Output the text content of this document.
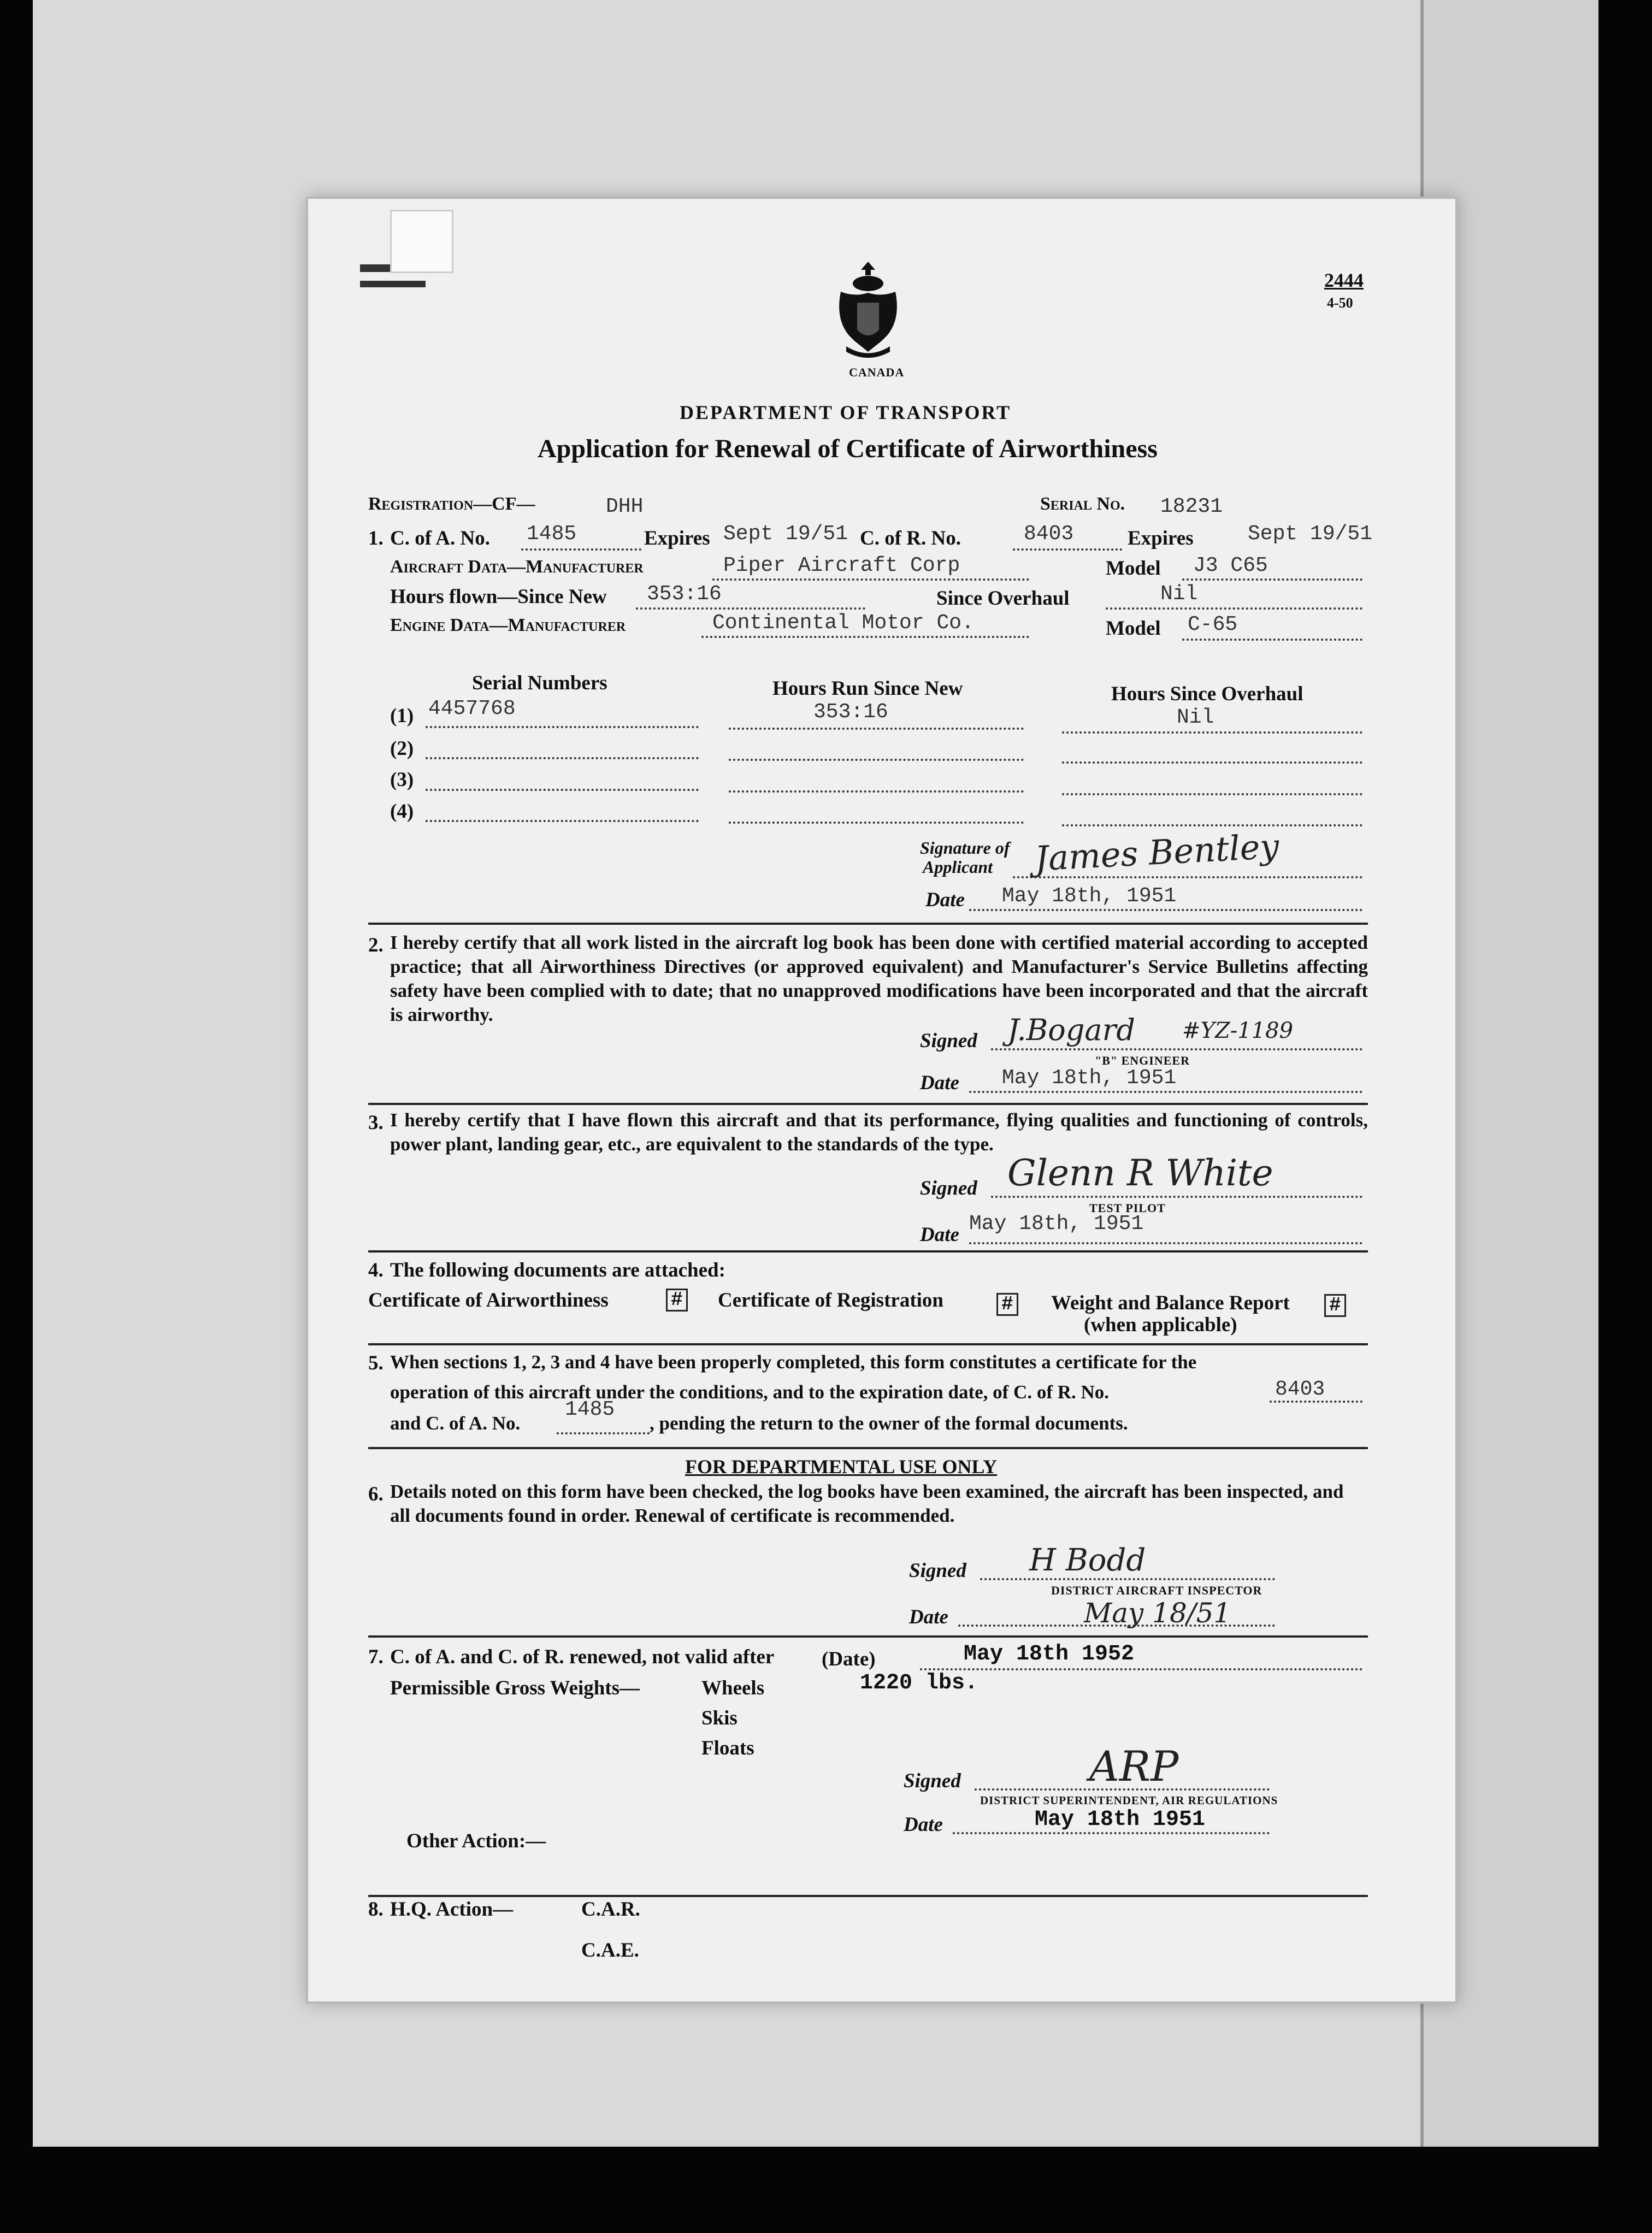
2444
4-50
CANADA
DEPARTMENT OF TRANSPORT
Application for Renewal of Certificate of Airworthiness
Registration—CF—	DHH	Serial No. 18231
1. C. of A. No. 1485	Expires Sept 19/51 C. of R. No.	8403	Expires	Sept 19/51
Aircraft Data—Manufacturer	Piper Aircraft Corp	Model J3 C65
Hours flown—Since New 353:16	Since Overhaul	Nil
Engine Data—Manufacturer	Continental Motor Co.	Model C-65
Serial Numbers	Hours Run Since New	Hours Since Overhaul
(1) 4457768	353:16	Nil
(2)
(3)
(4)
Signature of
Applicant James Bentley
Date May 18th, 1951
2. I hereby certify that all work listed in the aircraft log book has been done with certified material according to accepted practice; that all Airworthiness Directives (or approved equivalent) and Manufacturer's Service Bulletins affecting safety have been complied with to date; that no unapproved modifications have been incorporated and that the aircraft is airworthy.
Signed J.Bogard #YZ-1189
"B" ENGINEER
Date May 18th, 1951
3. I hereby certify that I have flown this aircraft and that its performance, flying qualities and functioning of controls, power plant, landing gear, etc., are equivalent to the standards of the type.
Signed Glenn R White
TEST PILOT
Date May 18th, 1951
4. The following documents are attached:
Certificate of Airworthiness	# Certificate of Registration	# Weight and Balance Report #
(when applicable)
5. When sections 1, 2, 3 and 4 have been properly completed, this form constitutes a certificate for the
operation of this aircraft under the conditions, and to the expiration date, of C. of R. No.	8403
and C. of A. No.
1485
, pending the return to the owner of the formal documents.
FOR DEPARTMENTAL USE ONLY
6. Details noted on this form have been checked, the log books have been examined, the aircraft has been inspected, and all documents found in order. Renewal of certificate is recommended.
Signed H Bodd
DISTRICT AIRCRAFT INSPECTOR
Date	May 18/51
7. C. of A. and C. of R. renewed, not valid after (Date)	May 18th 1952
Permissible Gross Weights—	Wheels	1220 lbs.
Skis
Floats
Signed	ARP
DISTRICT SUPERINTENDENT, AIR REGULATIONS
Date	May 18th 1951
Other Action:—
8. H.Q. Action—	C.A.R.
C.A.E.
